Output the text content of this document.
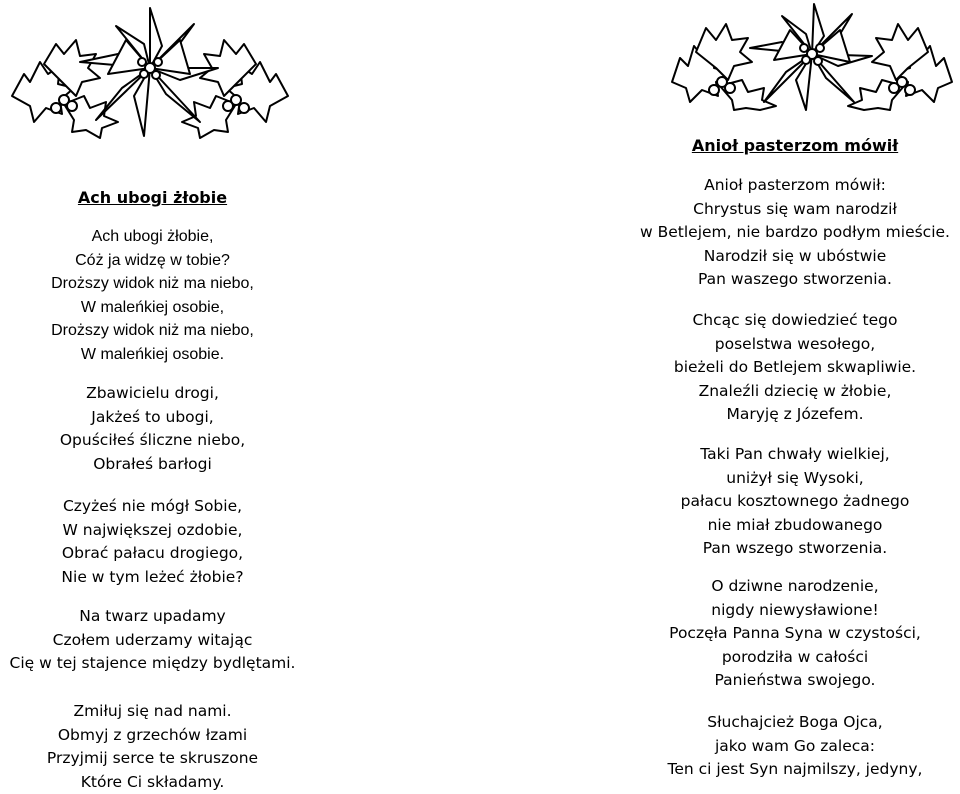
Ach ubogi żłobie
Ach ubogi żłobie,
Cóż ja widzę w tobie?
Droższy widok niż ma niebo,
W maleńkiej osobie,
Droższy widok niż ma niebo,
W maleńkiej osobie.
Zbawicielu drogi,
Jakżeś to ubogi,
Opuściłeś śliczne niebo,
Obrałeś barłogi
Czyżeś nie mógł Sobie,
W największej ozdobie,
Obrać pałacu drogiego,
Nie w tym leżeć żłobie?
Na twarz upadamy
Czołem uderzamy witając
Cię w tej stajence między bydlętami.
Zmiłuj się nad nami.
Obmyj z grzechów łzami
Przyjmij serce te skruszone
Które Ci składamy.
Anioł pasterzom mówił
Anioł pasterzom mówił:
Chrystus się wam narodził
w Betlejem, nie bardzo podłym mieście.
Narodził się w ubóstwie
Pan waszego stworzenia.
Chcąc się dowiedzieć tego
poselstwa wesołego,
bieżeli do Betlejem skwapliwie.
Znaleźli dziecię w żłobie,
Maryję z Józefem.
Taki Pan chwały wielkiej,
uniżył się Wysoki,
pałacu kosztownego żadnego
nie miał zbudowanego
Pan wszego stworzenia.
O dziwne narodzenie,
nigdy niewysławione!
Poczęła Panna Syna w czystości,
porodziła w całości
Panieństwa swojego.
Słuchajcież Boga Ojca,
jako wam Go zaleca:
Ten ci jest Syn najmilszy, jedyny,
